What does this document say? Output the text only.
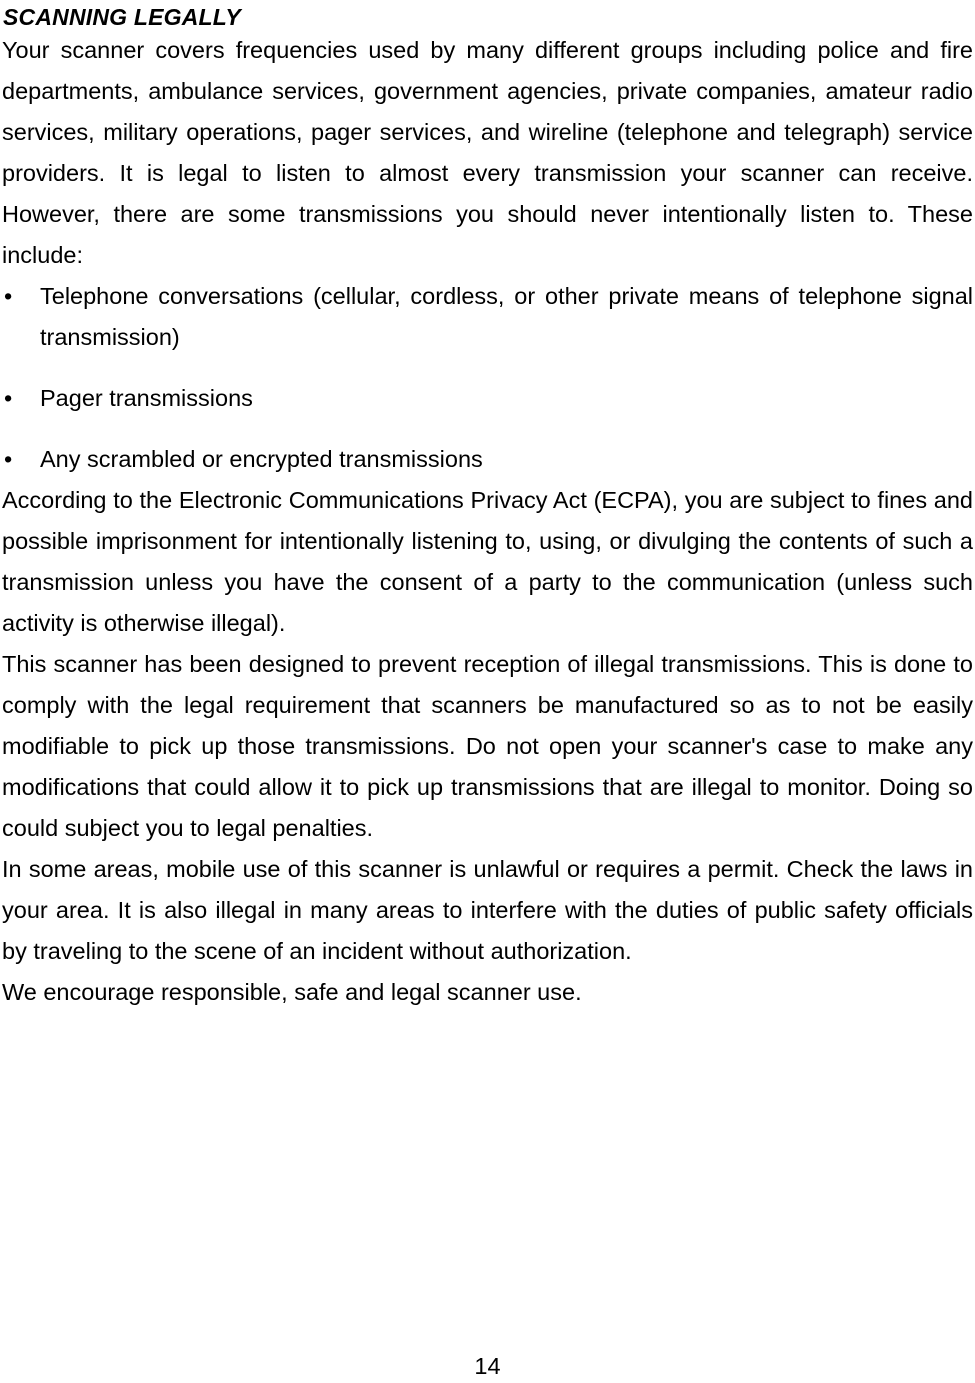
SCANNING LEGALLY

Your scanner covers frequencies used by many different groups including police and fire departments, ambulance services, government agencies, private companies, amateur radio services, military operations, pager services, and wireline (telephone and telegraph) service providers. It is legal to listen to almost every transmission your scanner can receive. However, there are some transmissions you should never intentionally listen to. These include:

• Telephone conversations (cellular, cordless, or other private means of telephone signal transmission)
• Pager transmissions
• Any scrambled or encrypted transmissions

According to the Electronic Communications Privacy Act (ECPA), you are subject to fines and possible imprisonment for intentionally listening to, using, or divulging the contents of such a transmission unless you have the consent of a party to the communication (unless such activity is otherwise illegal).

This scanner has been designed to prevent reception of illegal transmissions. This is done to comply with the legal requirement that scanners be manufactured so as to not be easily modifiable to pick up those transmissions. Do not open your scanner's case to make any modifications that could allow it to pick up transmissions that are illegal to monitor. Doing so could subject you to legal penalties.

In some areas, mobile use of this scanner is unlawful or requires a permit. Check the laws in your area. It is also illegal in many areas to interfere with the duties of public safety officials by traveling to the scene of an incident without authorization.

We encourage responsible, safe and legal scanner use.

14
